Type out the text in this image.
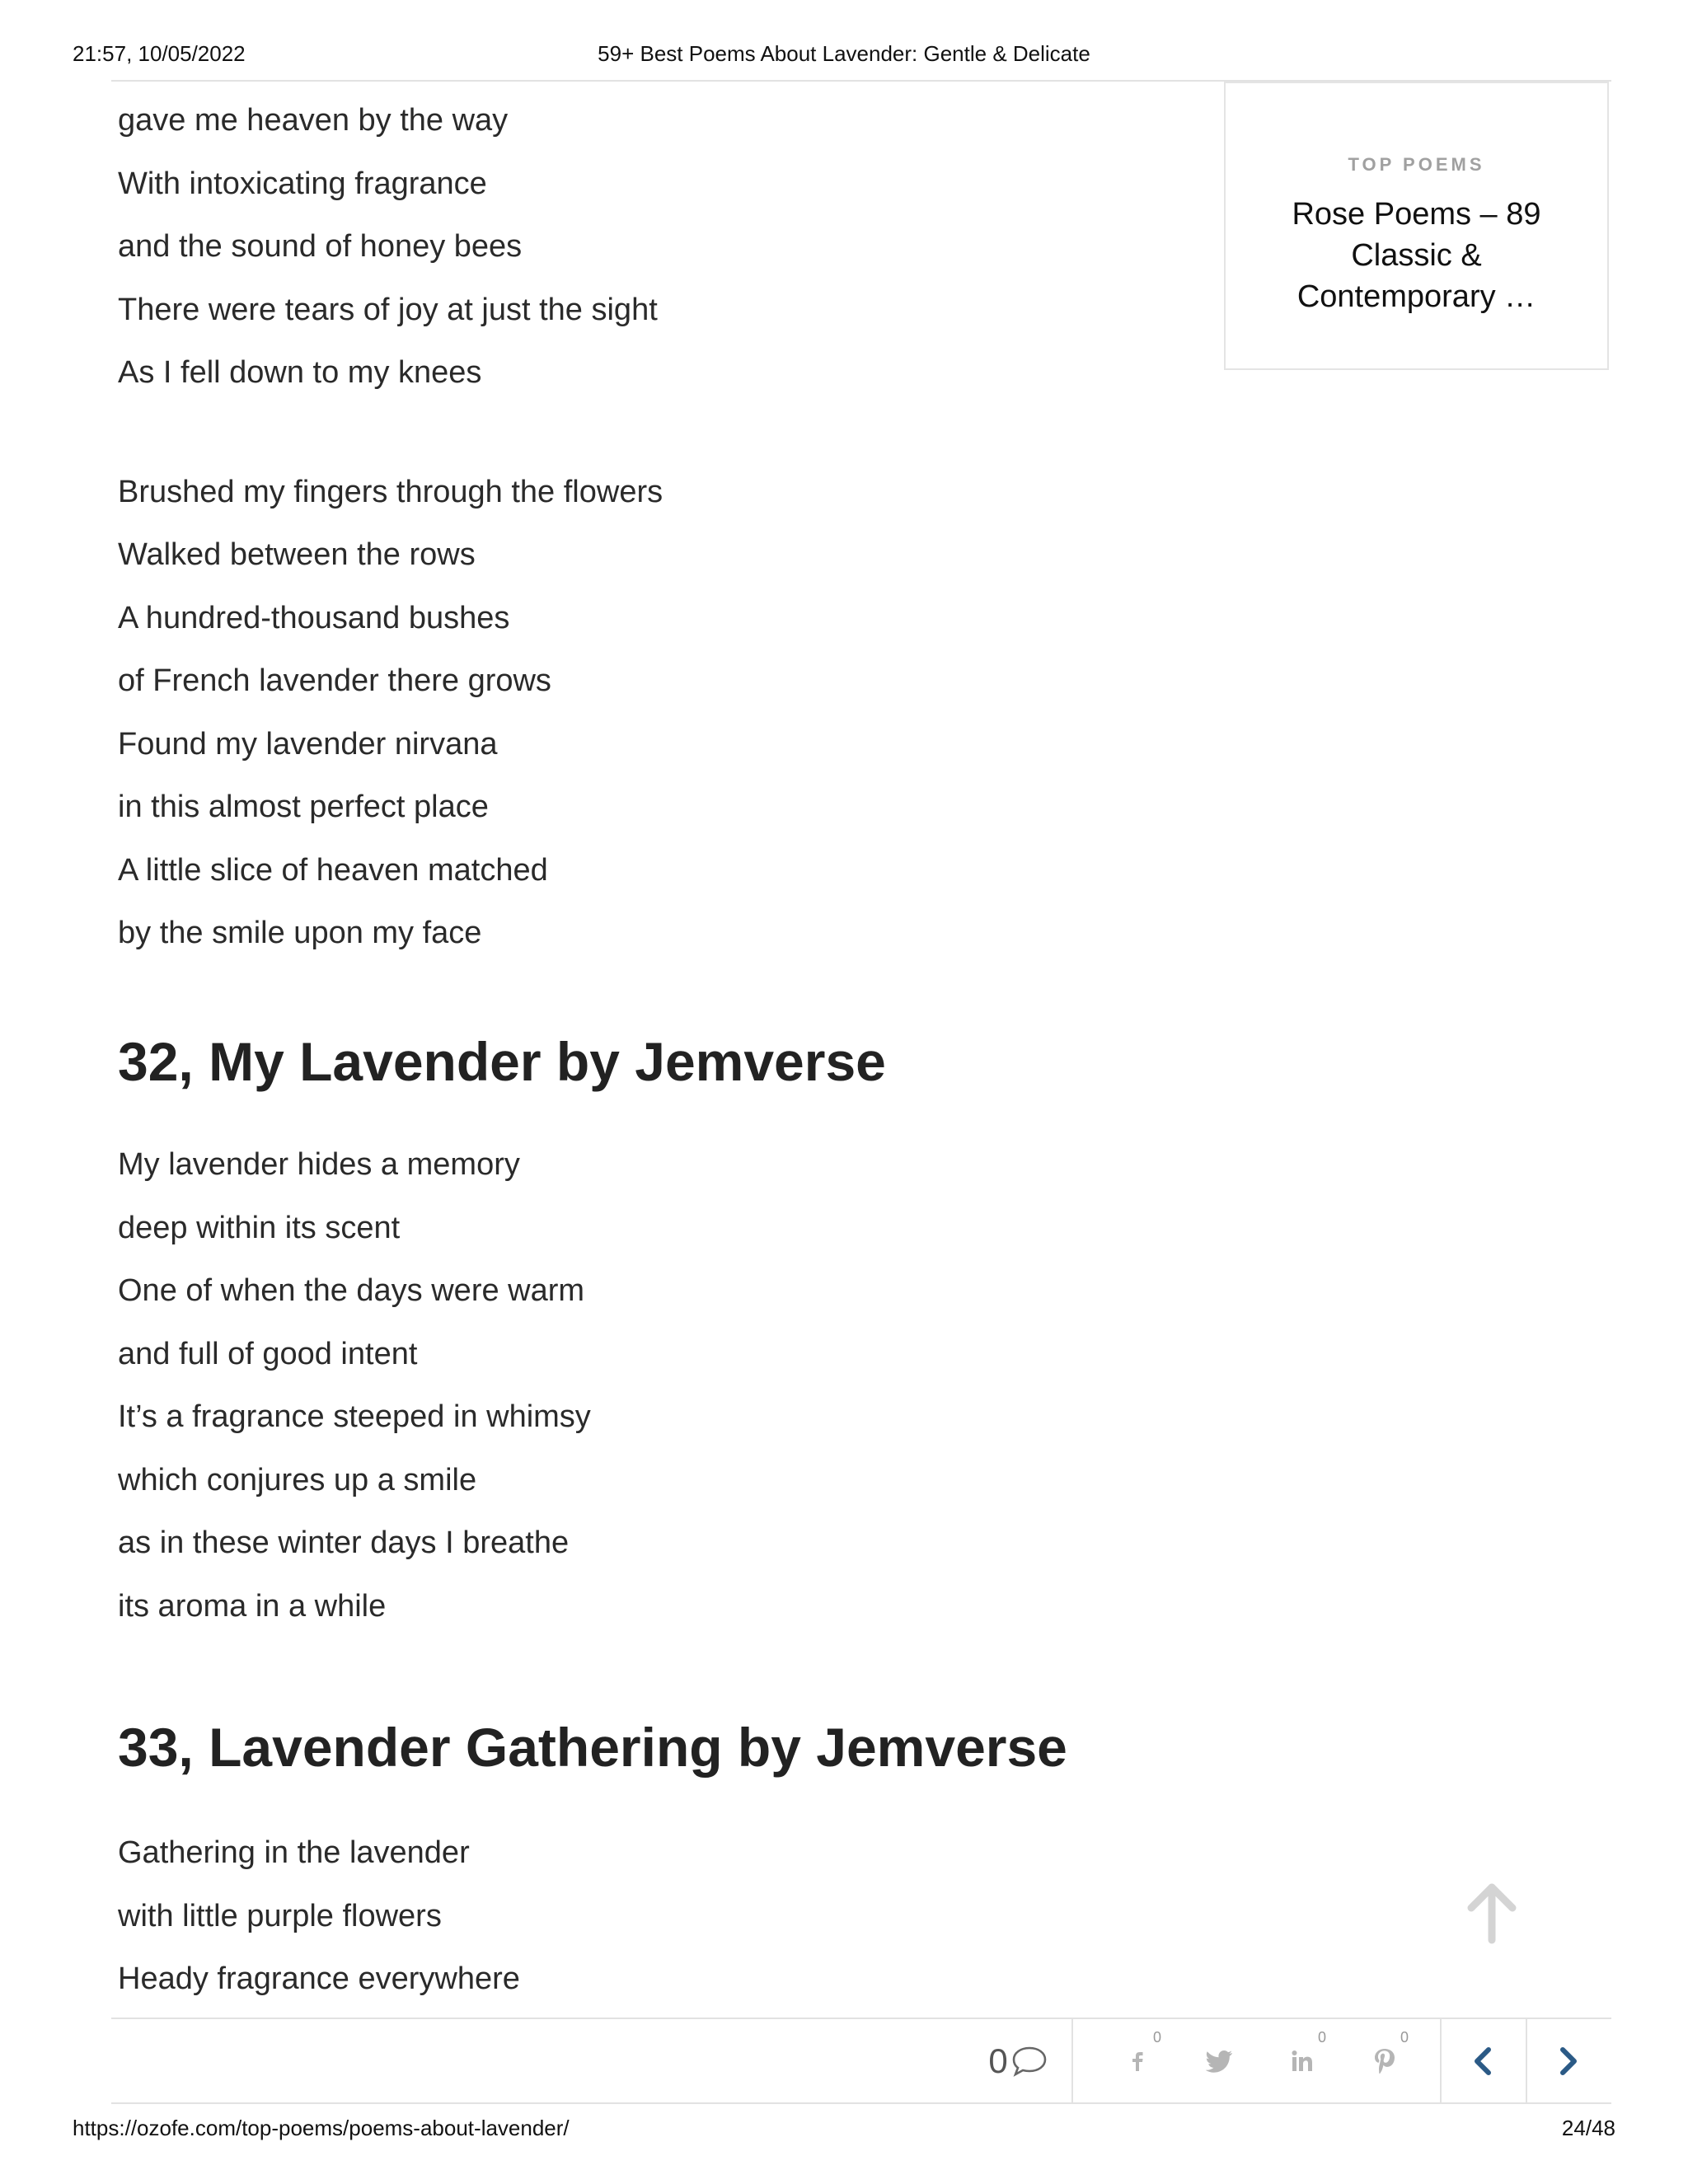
21:57, 10/05/2022	59+ Best Poems About Lavender: Gentle & Delicate
gave me heaven by the way
With intoxicating fragrance
and the sound of honey bees
There were tears of joy at just the sight
As I fell down to my knees
Brushed my fingers through the flowers
Walked between the rows
A hundred-thousand bushes
of French lavender there grows
Found my lavender nirvana
in this almost perfect place
A little slice of heaven matched
by the smile upon my face
32, My Lavender by Jemverse
My lavender hides a memory
deep within its scent
One of when the days were warm
and full of good intent
It’s a fragrance steeped in whimsy
which conjures up a smile
as in these winter days I breathe
its aroma in a while
33, Lavender Gathering by Jemverse
Gathering in the lavender
with little purple flowers
Heady fragrance everywhere
TOP POEMS
Rose Poems – 89 Classic & Contemporary …
0
0	0	0
https://ozofe.com/top-poems/poems-about-lavender/	24/48
